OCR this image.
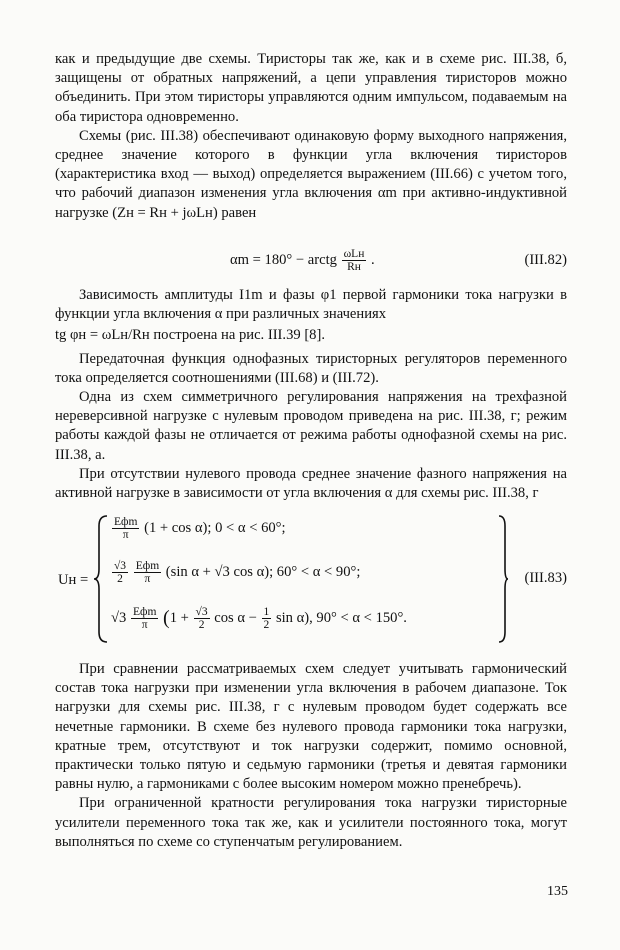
как и предыдущие две схемы. Тиристоры так же, как и в схеме рис. III.38, б, защищены от обратных напряжений, а цепи управления тиристоров можно объединить. При этом тиристоры управляются одним импульсом, подаваемым на оба тиристора одновременно.

Схемы (рис. III.38) обеспечивают одинаковую форму выходного напряжения, среднее значение которого в функции угла включения тиристоров (характеристика вход — выход) определяется выражением (III.66) с учетом того, что рабочий диапазон изменения угла включения αm при активно-индуктивной нагрузке (Zн = Rн + jωLн) равен

αm = 180° − arctg $\frac{\text{ωLн}}{Rн}$ .	(III.82)

Зависимость амплитуды I1m и фазы φ1 первой гармоники тока нагрузки в функции угла включения α при различных значениях

tg φн = ωLн/Rн построена на рис. III.39 [8].

Передаточная функция однофазных тиристорных регуляторов переменного тока определяется соотношениями (III.68) и (III.72).

Одна из схем симметричного регулирования напряжения на трехфазной нереверсивной нагрузке с нулевым проводом приведена на рис. III.38, г; режим работы каждой фазы не отличается от режима работы однофазной схемы на рис. III.38, а.

При отсутствии нулевого провода среднее значение фазного напряжения на активной нагрузке в зависимости от угла включения α для схемы рис. III.38, г

Uн =
$\frac{\text{Eфm}}{\pi} (1 + \cos \alpha)$; 0 < α < 60°;
$\frac{√3}{2}$
$\frac{\text{Eфm}}{\pi} (\sin$ α + √3 cos α); 60° < α < 90°;
$√3 \frac{\text{Eфm}}{\pi} (1 + \frac{√3}{2}$ $\cos \alpha - \frac{1}{2}$ sin α), 90° < α < 150°.
(III.83)

При сравнении рассматриваемых схем следует учитывать гармонический состав тока нагрузки при изменении угла включения в рабочем диапазоне. Ток нагрузки для схемы рис. III.38, г с нулевым проводом будет содержать все нечетные гармоники. В схеме без нулевого провода гармоники тока нагрузки, кратные трем, отсутствуют и ток нагрузки содержит, помимо основной, практически только пятую и седьмую гармоники (третья и девятая гармоники равны нулю, а гармониками с более высоким номером можно пренебречь).

При ограниченной кратности регулирования тока нагрузки тиристорные усилители переменного тока так же, как и усилители постоянного тока, могут выполняться по схеме со ступенчатым регулированием.

135
